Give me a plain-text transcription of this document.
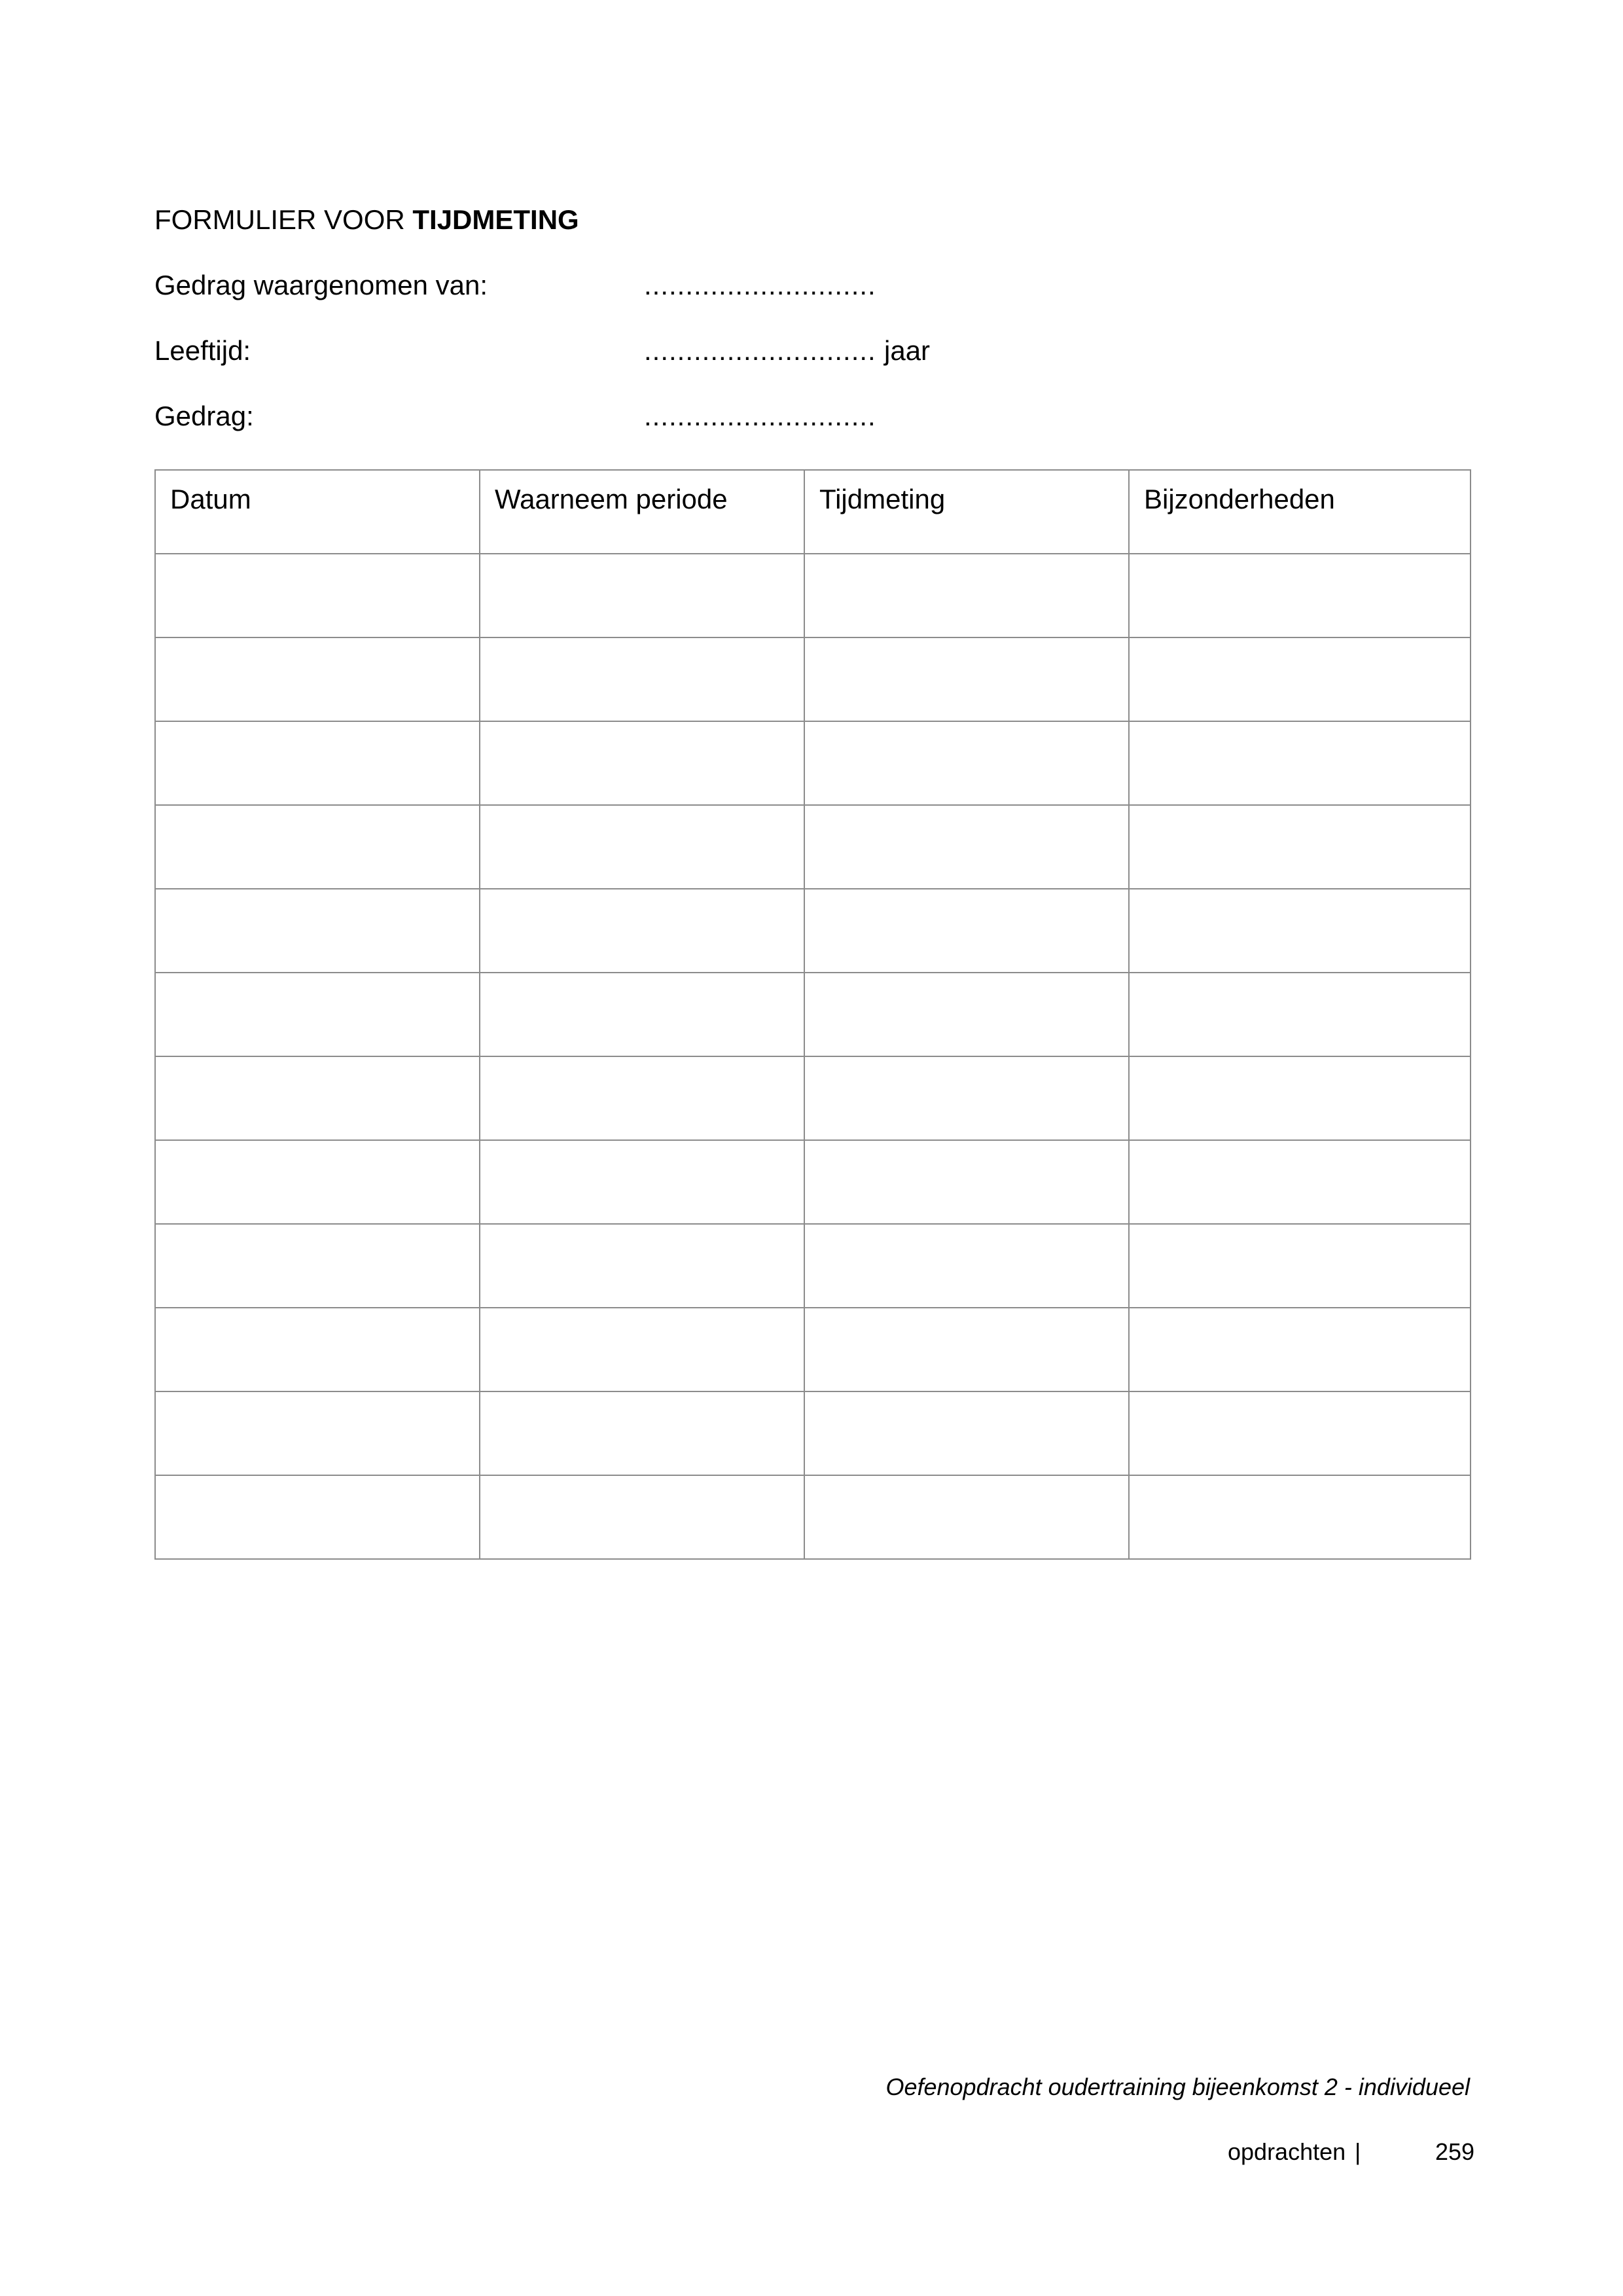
FORMULIER VOOR TIJDMETING
Gedrag waargenomen van:	............................
Leeftijd:	............................ jaar
Gedrag:	............................
Datum	Waarneem periode	Tijdmeting	Bijzonderheden

Oefenopdracht oudertraining bijeenkomst 2 - individueel
opdrachten |	259
